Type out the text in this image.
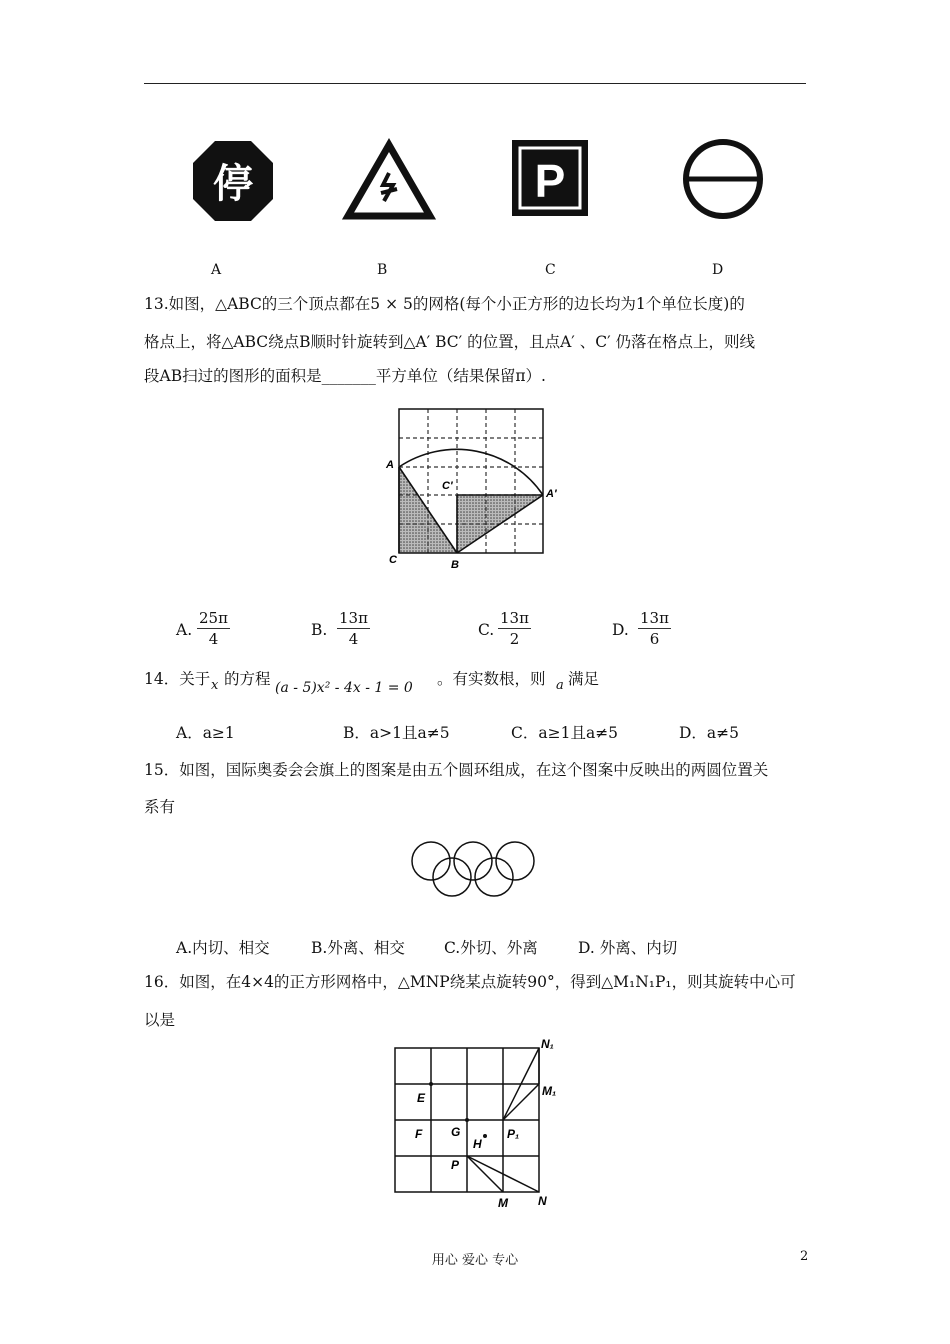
停	P
A	B	C	D
13.如图，△ABC的三个顶点都在5 × 5的网格(每个小正方形的边长均为1个单位长度)的
格点上，将△ABC绕点B顺时针旋转到△A′ BC′ 的位置，且点A′ 、C′ 仍落在格点上，则线
段AB扫过的图形的面积是_______平方单位（结果保留π）.
A
A′
C′
B
C
A. $\frac{25\pi}{4}$	B. $\frac{13\pi}{4}$	C. $\frac{13\pi}{2}$	D. $\frac{13\pi}{6}$
14．关于 x 的方程 (a - 5)x² - 4x - 1 = 0 。有实数根，则 a 满足
A．a≥1	B．a>1且a≠5	C．a≥1且a≠5	D．a≠5
15．如图，国际奥委会会旗上的图案是由五个圆环组成，在这个图案中反映出的两圆位置关
系有
A.内切、相交	B.外离、相交	C.外切、外离	D. 外离、内切
16．如图，在4×4的正方形网格中，△MNP绕某点旋转90°，得到△M₁N₁P₁，则其旋转中心可
以是
N₁
M₁
E
F G
H
P₁
P
M	N
用心 爱心 专心	2
